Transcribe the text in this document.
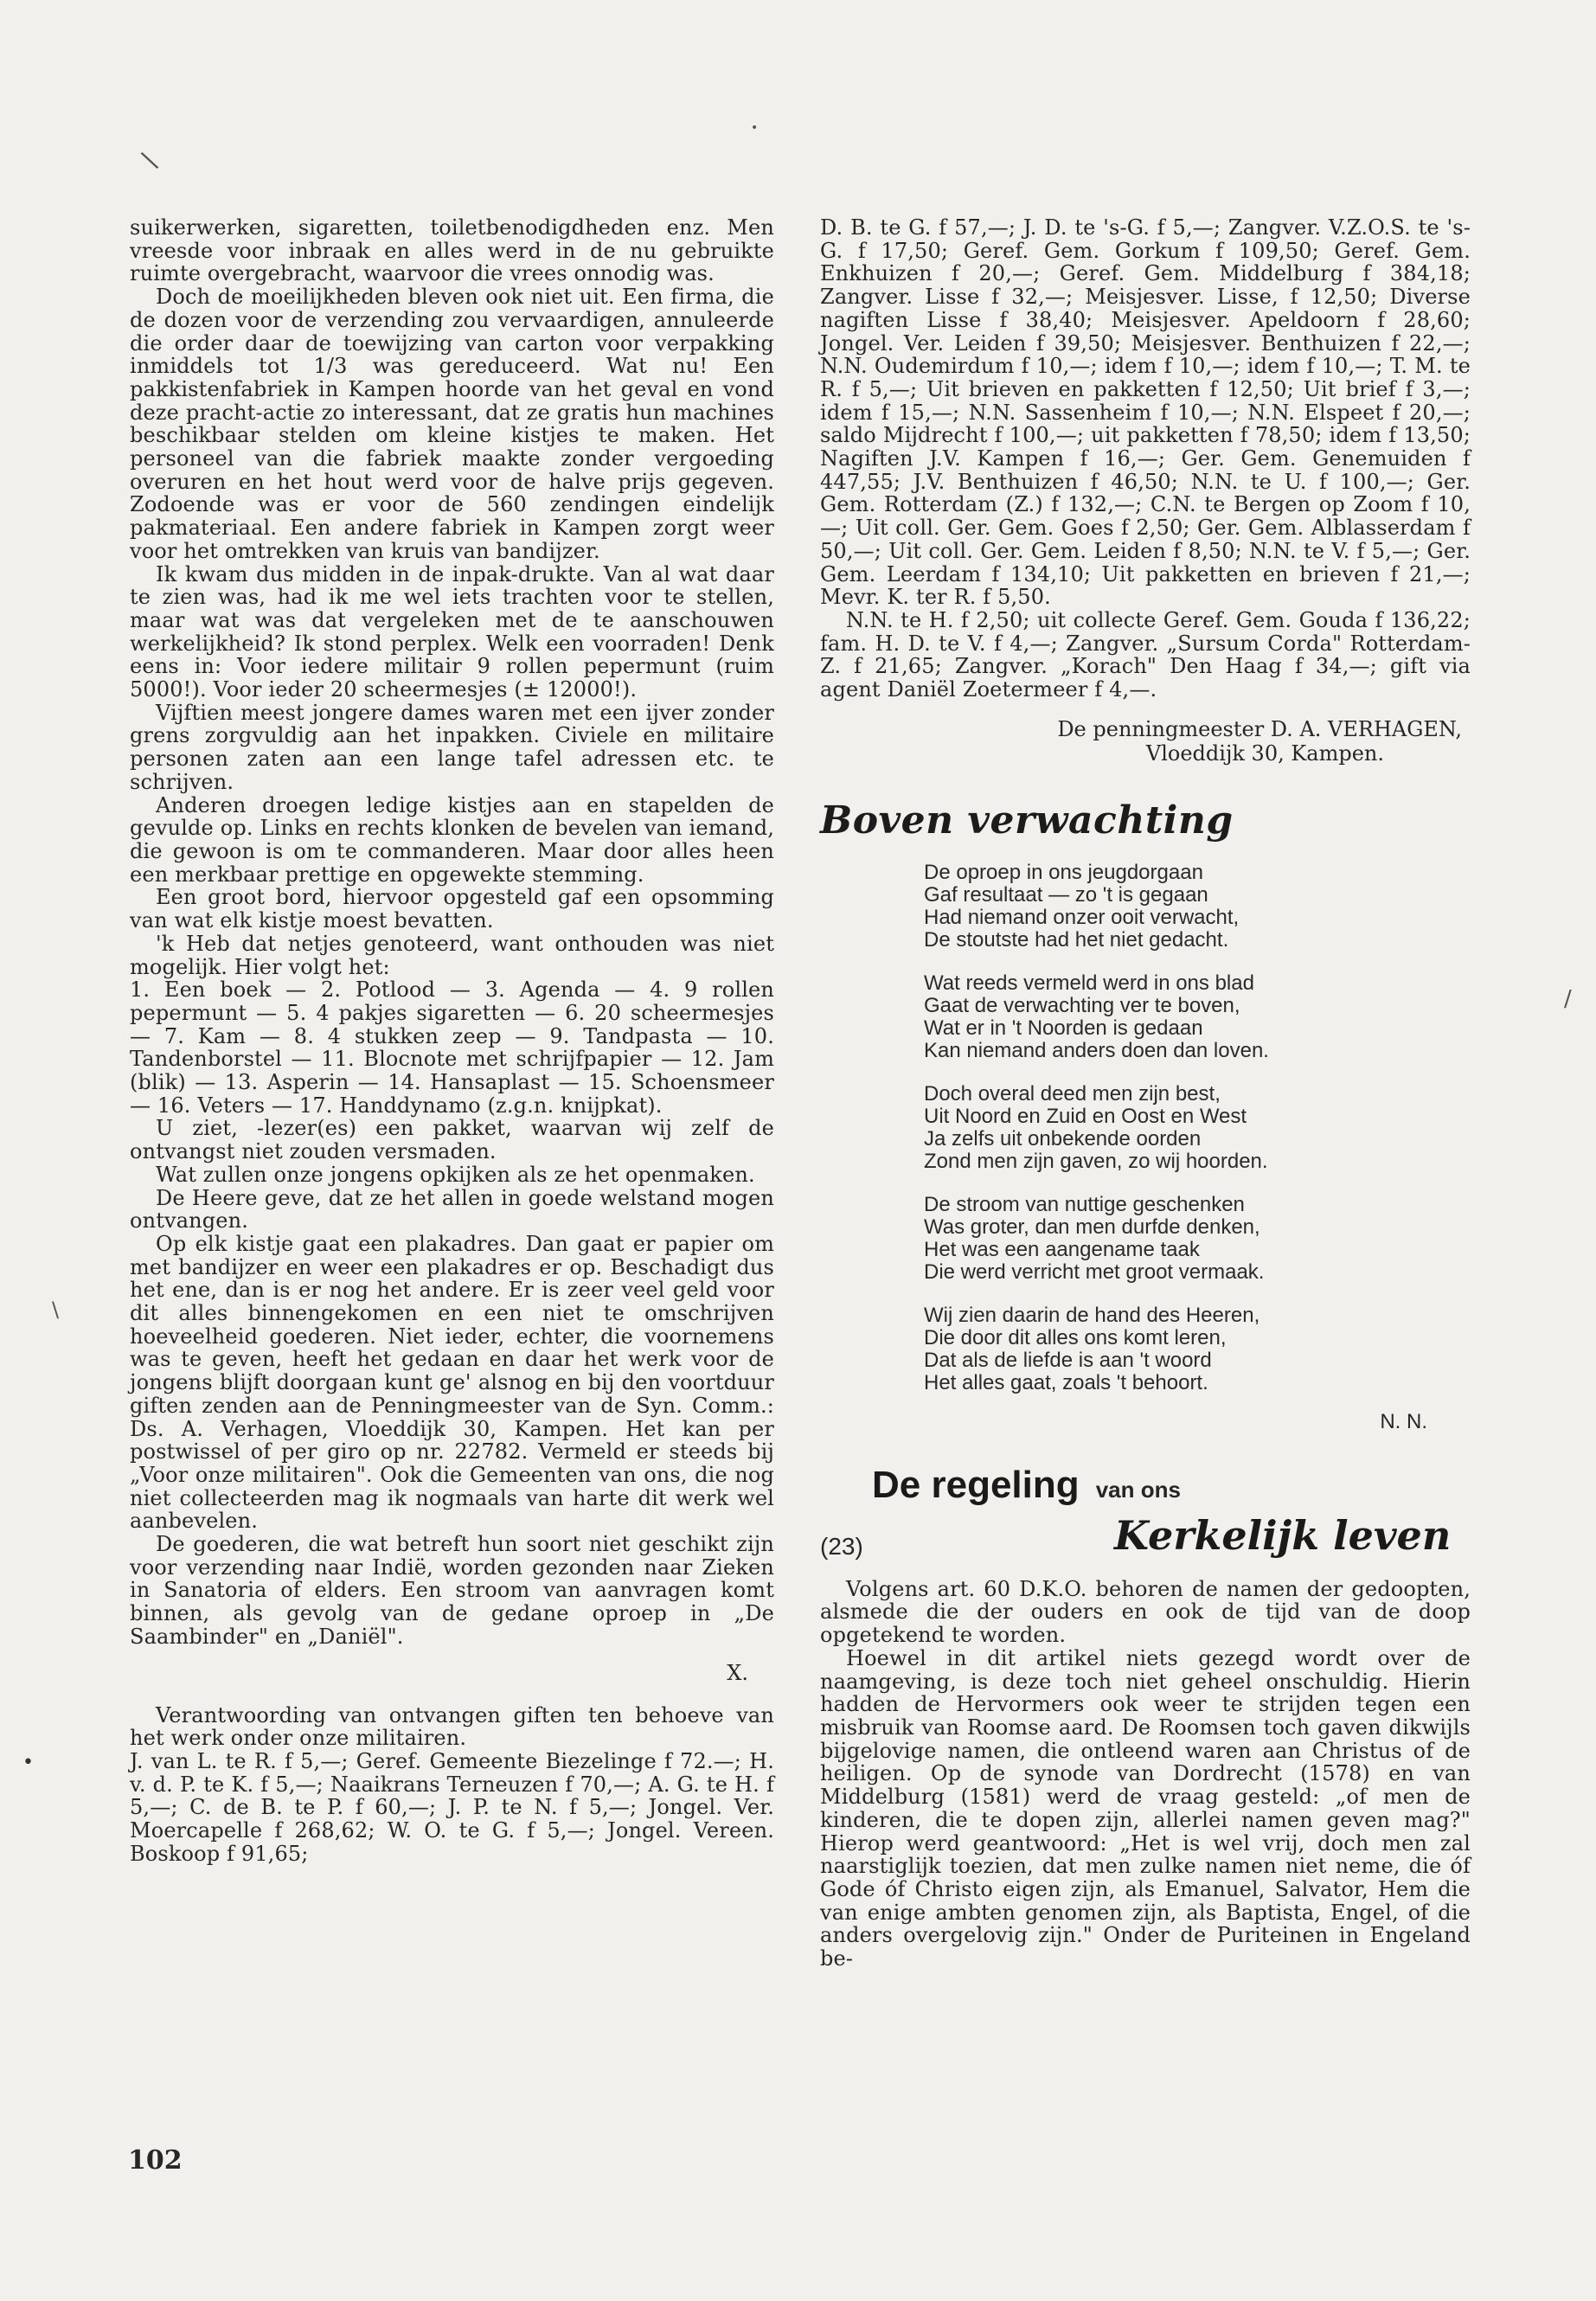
\
•
/
\
•

suikerwerken, sigaretten, toiletbenodigdheden enz. Men vreesde voor inbraak en alles werd in de nu gebruikte ruimte overgebracht, waarvoor die vrees onnodig was.

Doch de moeilijkheden bleven ook niet uit. Een firma, die de dozen voor de verzending zou vervaardigen, annuleerde die order daar de toewijzing van carton voor verpakking inmiddels tot 1/3 was gereduceerd. Wat nu! Een pakkistenfabriek in Kampen hoorde van het geval en vond deze pracht-actie zo interessant, dat ze gratis hun machines beschikbaar stelden om kleine kistjes te maken. Het personeel van die fabriek maakte zonder vergoeding overuren en het hout werd voor de halve prijs gegeven. Zodoende was er voor de 560 zendingen eindelijk pakmateriaal. Een andere fabriek in Kampen zorgt weer voor het omtrekken van kruis van bandijzer.

Ik kwam dus midden in de inpak-drukte. Van al wat daar te zien was, had ik me wel iets trachten voor te stellen, maar wat was dat vergeleken met de te aanschouwen werkelijkheid? Ik stond perplex. Welk een voorraden! Denk eens in: Voor iedere militair 9 rollen pepermunt (ruim 5000!). Voor ieder 20 scheermesjes (± 12000!).

Vijftien meest jongere dames waren met een ijver zonder grens zorgvuldig aan het inpakken. Civiele en militaire personen zaten aan een lange tafel adressen etc. te schrijven.

Anderen droegen ledige kistjes aan en stapelden de gevulde op. Links en rechts klonken de bevelen van iemand, die gewoon is om te commanderen. Maar door alles heen een merkbaar prettige en opgewekte stemming.

Een groot bord, hiervoor opgesteld gaf een opsomming van wat elk kistje moest bevatten.

'k Heb dat netjes genoteerd, want onthouden was niet mogelijk. Hier volgt het:

1. Een boek — 2. Potlood — 3. Agenda — 4. 9 rollen pepermunt — 5. 4 pakjes sigaretten — 6. 20 scheermesjes — 7. Kam — 8. 4 stukken zeep — 9. Tandpasta — 10. Tandenborstel — 11. Blocnote met schrijfpapier — 12. Jam (blik) — 13. Asperin — 14. Hansaplast — 15. Schoensmeer — 16. Veters — 17. Handdynamo (z.g.n. knijpkat).

U ziet, -lezer(es) een pakket, waarvan wij zelf de ontvangst niet zouden versmaden.

Wat zullen onze jongens opkijken als ze het openmaken.

De Heere geve, dat ze het allen in goede welstand mogen ontvangen.

Op elk kistje gaat een plakadres. Dan gaat er papier om met bandijzer en weer een plakadres er op. Beschadigt dus het ene, dan is er nog het andere. Er is zeer veel geld voor dit alles binnengekomen en een niet te omschrijven hoeveelheid goederen. Niet ieder, echter, die voornemens was te geven, heeft het gedaan en daar het werk voor de jongens blijft doorgaan kunt ge' alsnog en bij den voortduur giften zenden aan de Penningmeester van de Syn. Comm.: Ds. A. Verhagen, Vloeddijk 30, Kampen. Het kan per postwissel of per giro op nr. 22782. Vermeld er steeds bij „Voor onze militairen". Ook die Gemeenten van ons, die nog niet collecteerden mag ik nogmaals van harte dit werk wel aanbevelen.

De goederen, die wat betreft hun soort niet geschikt zijn voor verzending naar Indië, worden gezonden naar Zieken in Sanatoria of elders. Een stroom van aanvragen komt binnen, als gevolg van de gedane oproep in „De Saambinder" en „Daniël".

X.

Verantwoording van ontvangen giften ten behoeve van het werk onder onze militairen.

J. van L. te R. f 5,—; Geref. Gemeente Biezelinge f 72.—; H. v. d. P. te K. f 5,—; Naaikrans Terneuzen f 70,—; A. G. te H. f 5,—; C. de B. te P. f 60,—; J. P. te N. f 5,—; Jongel. Ver. Moercapelle f 268,62; W. O. te G. f 5,—; Jongel. Vereen. Boskoop f 91,65;

D. B. te G. f 57,—; J. D. te 's-G. f 5,—; Zangver. V.Z.O.S. te 's-G. f 17,50; Geref. Gem. Gorkum f 109,50; Geref. Gem. Enkhuizen f 20,—; Geref. Gem. Middelburg f 384,18; Zangver. Lisse f 32,—; Meisjesver. Lisse, f 12,50; Diverse nagiften Lisse f 38,40; Meisjesver. Apeldoorn f 28,60; Jongel. Ver. Leiden f 39,50; Meisjesver. Benthuizen f 22,—; N.N. Oudemirdum f 10,—; idem f 10,—; idem f 10,—; T. M. te R. f 5,—; Uit brieven en pakketten f 12,50; Uit brief f 3,—; idem f 15,—; N.N. Sassenheim f 10,—; N.N. Elspeet f 20,—; saldo Mijdrecht f 100,—; uit pakketten f 78,50; idem f 13,50; Nagiften J.V. Kampen f 16,—; Ger. Gem. Genemuiden f 447,55; J.V. Benthuizen f 46,50; N.N. te U. f 100,—; Ger. Gem. Rotterdam (Z.) f 132,—; C.N. te Bergen op Zoom f 10,—; Uit coll. Ger. Gem. Goes f 2,50; Ger. Gem. Alblasserdam f 50,—; Uit coll. Ger. Gem. Leiden f 8,50; N.N. te V. f 5,—; Ger. Gem. Leerdam f 134,10; Uit pakketten en brieven f 21,—; Mevr. K. ter R. f 5,50.

N.N. te H. f 2,50; uit collecte Geref. Gem. Gouda f 136,22; fam. H. D. te V. f 4,—; Zangver. „Sursum Corda" Rotterdam-Z. f 21,65; Zangver. „Korach" Den Haag f 34,—; gift via agent Daniël Zoetermeer f 4,—.

De penningmeester D. A. VERHAGEN,
Vloeddijk 30, Kampen.
Boven verwachting
De oproep in ons jeugdorgaan
Gaf resultaat — zo 't is gegaan
Had niemand onzer ooit verwacht,
De stoutste had het niet gedacht.
Wat reeds vermeld werd in ons blad
Gaat de verwachting ver te boven,
Wat er in 't Noorden is gedaan
Kan niemand anders doen dan loven.
Doch overal deed men zijn best,
Uit Noord en Zuid en Oost en West
Ja zelfs uit onbekende oorden
Zond men zijn gaven, zo wij hoorden.
De stroom van nuttige geschenken
Was groter, dan men durfde denken,
Het was een aangename taak
Die werd verricht met groot vermaak.
Wij zien daarin de hand des Heeren,
Die door dit alles ons komt leren,
Dat als de liefde is aan 't woord
Het alles gaat, zoals 't behoort.
N. N.
De regeling van ons
(23)	Kerkelijk leven

Volgens art. 60 D.K.O. behoren de namen der gedoopten, alsmede die der ouders en ook de tijd van de doop opgetekend te worden.

Hoewel in dit artikel niets gezegd wordt over de naamgeving, is deze toch niet geheel onschuldig. Hierin hadden de Hervormers ook weer te strijden tegen een misbruik van Roomse aard. De Roomsen toch gaven dikwijls bijgelovige namen, die ontleend waren aan Christus of de heiligen. Op de synode van Dordrecht (1578) en van Middelburg (1581) werd de vraag gesteld: „of men de kinderen, die te dopen zijn, allerlei namen geven mag?" Hierop werd geantwoord: „Het is wel vrij, doch men zal naarstiglijk toezien, dat men zulke namen niet neme, die óf Gode óf Christo eigen zijn, als Emanuel, Salvator, Hem die van enige ambten genomen zijn, als Baptista, Engel, of die anders overgelovig zijn." Onder de Puriteinen in Engeland be-

102
